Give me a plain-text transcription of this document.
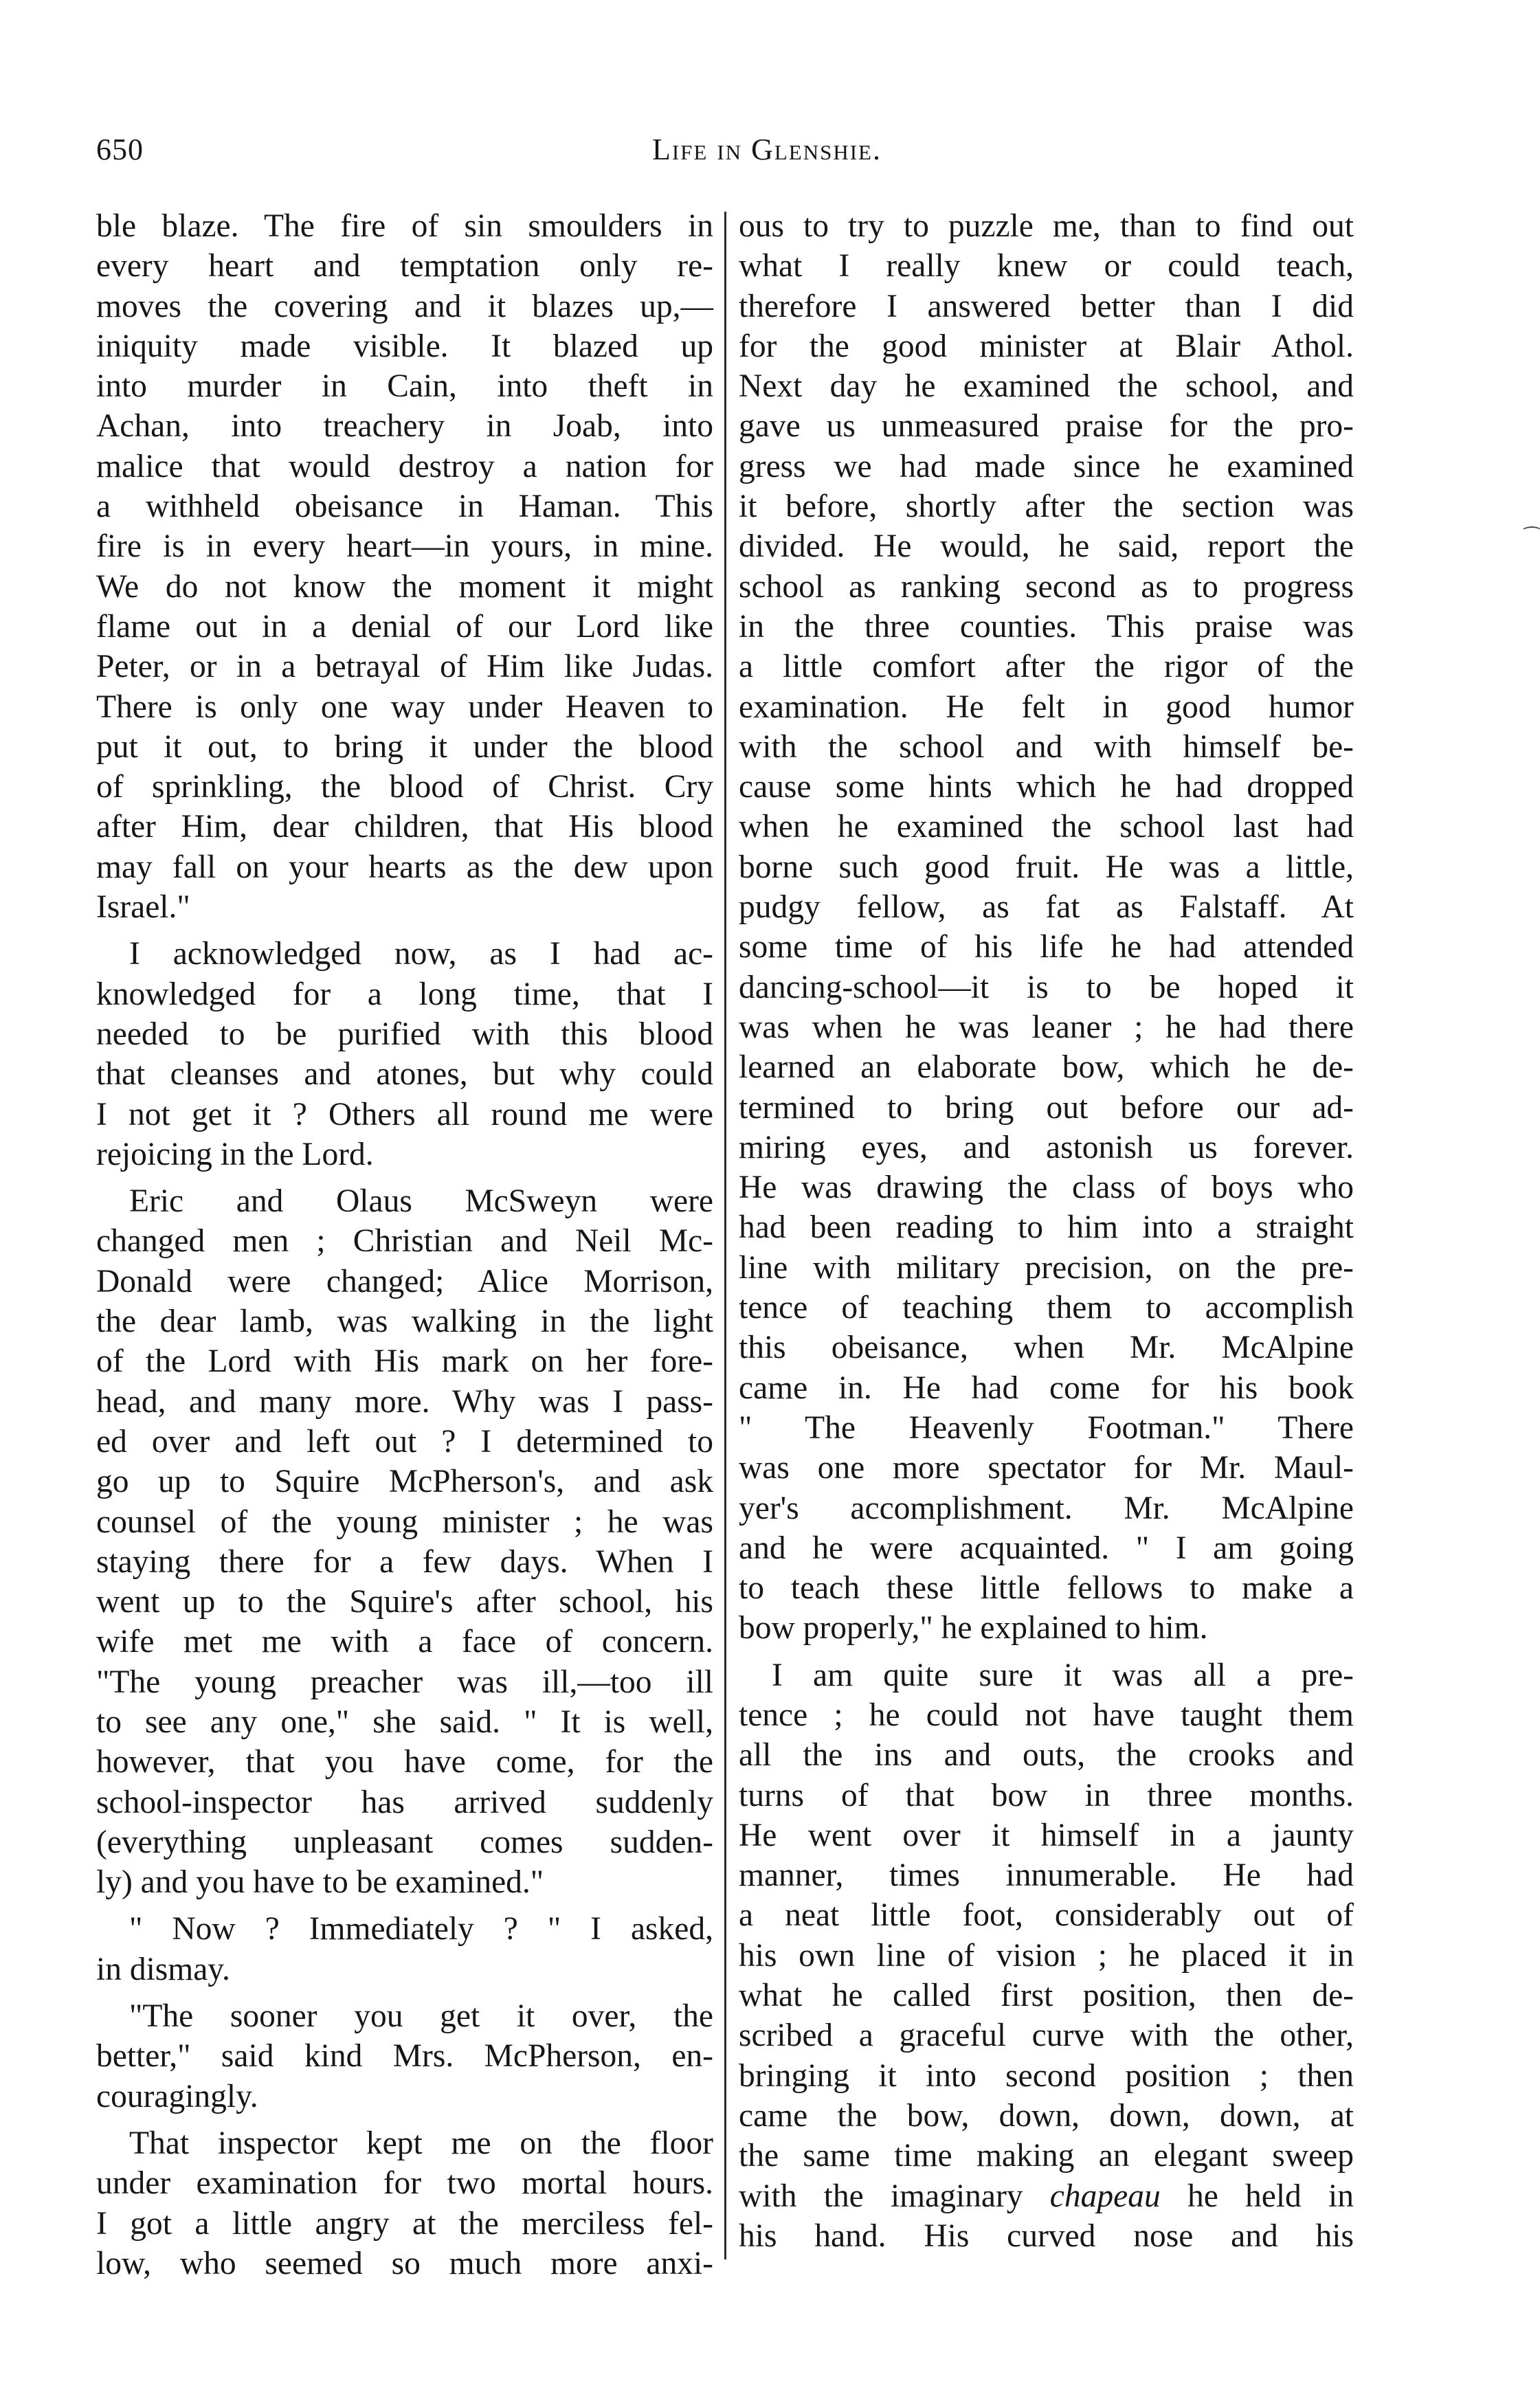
650	Life in Glenshie.
ble blaze. The fire of sin smoulders in
every heart and temptation only re-
moves the covering and it blazes up,—
iniquity made visible. It blazed up
into murder in Cain, into theft in
Achan, into treachery in Joab, into
malice that would destroy a nation for
a withheld obeisance in Haman. This
fire is in every heart—in yours, in mine.
We do not know the moment it might
flame out in a denial of our Lord like
Peter, or in a betrayal of Him like Judas.
There is only one way under Heaven to
put it out, to bring it under the blood
of sprinkling, the blood of Christ. Cry
after Him, dear children, that His blood
may fall on your hearts as the dew upon
Israel."
I acknowledged now, as I had ac-
knowledged for a long time, that I
needed to be purified with this blood
that cleanses and atones, but why could
I not get it ? Others all round me were
rejoicing in the Lord.
Eric and Olaus McSweyn were
changed men ; Christian and Neil Mc-
Donald were changed; Alice Morrison,
the dear lamb, was walking in the light
of the Lord with His mark on her fore-
head, and many more. Why was I pass-
ed over and left out ? I determined to
go up to Squire McPherson's, and ask
counsel of the young minister ; he was
staying there for a few days. When I
went up to the Squire's after school, his
wife met me with a face of concern.
"The young preacher was ill,—too ill
to see any one," she said. " It is well,
however, that you have come, for the
school-inspector has arrived suddenly
(everything unpleasant comes sudden-
ly) and you have to be examined."
" Now ? Immediately ? " I asked,
in dismay.
"The sooner you get it over, the
better," said kind Mrs. McPherson, en-
couragingly.
That inspector kept me on the floor
under examination for two mortal hours.
I got a little angry at the merciless fel-
low, who seemed so much more anxi-
ous to try to puzzle me, than to find out
what I really knew or could teach,
therefore I answered better than I did
for the good minister at Blair Athol.
Next day he examined the school, and
gave us unmeasured praise for the pro-
gress we had made since he examined
it before, shortly after the section was
divided. He would, he said, report the
school as ranking second as to progress
in the three counties. This praise was
a little comfort after the rigor of the
examination. He felt in good humor
with the school and with himself be-
cause some hints which he had dropped
when he examined the school last had
borne such good fruit. He was a little,
pudgy fellow, as fat as Falstaff. At
some time of his life he had attended
dancing-school—it is to be hoped it
was when he was leaner ; he had there
learned an elaborate bow, which he de-
termined to bring out before our ad-
miring eyes, and astonish us forever.
He was drawing the class of boys who
had been reading to him into a straight
line with military precision, on the pre-
tence of teaching them to accomplish
this obeisance, when Mr. McAlpine
came in. He had come for his book
" The Heavenly Footman." There
was one more spectator for Mr. Maul-
yer's accomplishment. Mr. McAlpine
and he were acquainted. " I am going
to teach these little fellows to make a
bow properly," he explained to him.
I am quite sure it was all a pre-
tence ; he could not have taught them
all the ins and outs, the crooks and
turns of that bow in three months.
He went over it himself in a jaunty
manner, times innumerable. He had
a neat little foot, considerably out of
his own line of vision ; he placed it in
what he called first position, then de-
scribed a graceful curve with the other,
bringing it into second position ; then
came the bow, down, down, down, at
the same time making an elegant sweep
with the imaginary chapeau he held in
his hand. His curved nose and his
⁀
